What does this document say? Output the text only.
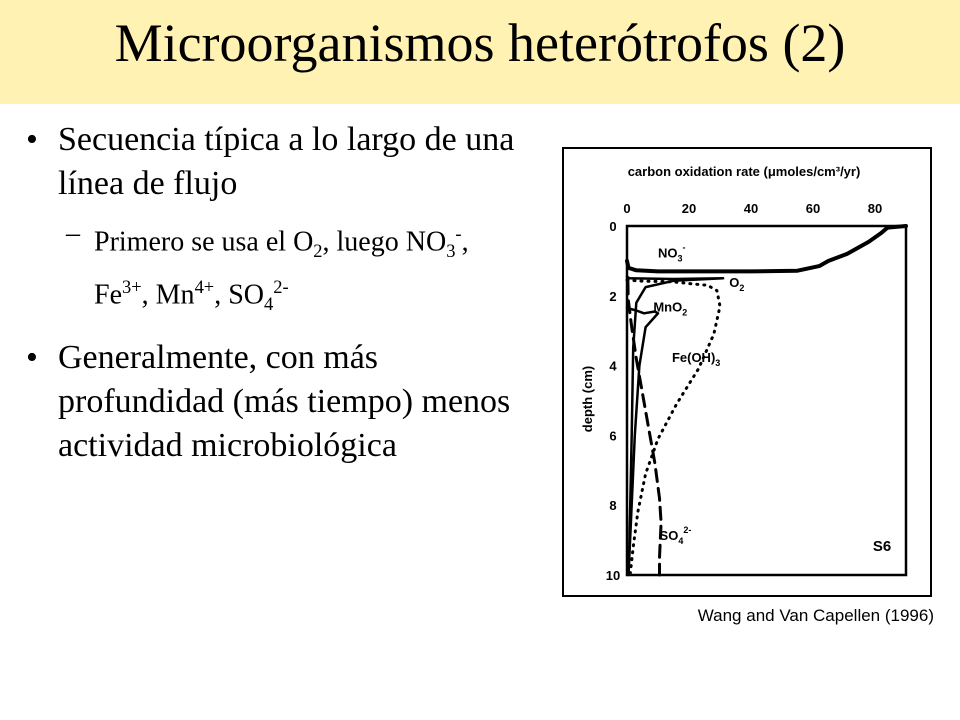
Microorganismos heterótrofos (2)
• Secuencia típica a lo largo de una línea de flujo
– Primero se usa el $O_2$, luego $NO_3^-$, $Fe^{3+}$, $Mn^{4+}$, $SO_4^{2-}$
• Generalmente, con más profundidad (más tiempo) menos actividad microbiológica
carbon oxidation rate (μmoles/cm³/yr)
depth (cm)
0	20	40	60	80
0
2
4
6
8
10
$O_2$
$NO_3^-$
MnO$_2$
$Fe(OH)_3$
$SO_4^{2-}$
S6
Wang and Van Capellen (1996)
